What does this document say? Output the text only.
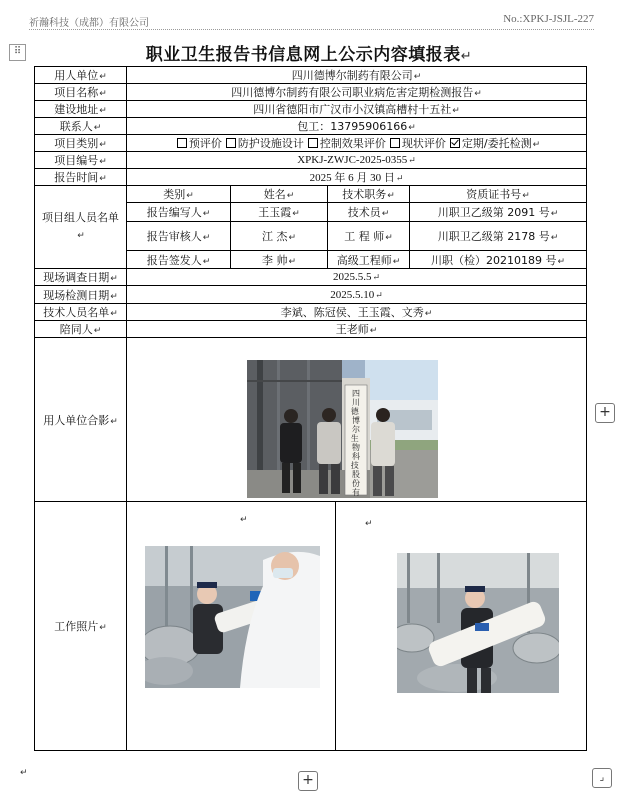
祈瀚科技（成都）有限公司	No.:XPKJ-JSJL-227
⠿	职业卫生报告书信息网上公示内容填报表↵
用人单位↵	四川德博尔制药有限公司↵				
项目名称↵	四川德博尔制药有限公司职业病危害定期检测报告↵				
建设地址↵	四川省德阳市广汉市小汉镇高槽村十五社↵				
联系人↵	包工：13795906166↵				
项目类别↵	预评价 防护设施设计 控制效果评价 现状评价 定期/委托检测↵				
项目编号↵	XPKJ-ZWJC-2025-0355↵				
报告时间↵	2025 年 6 月 30 日↵				
项目组人员名单↵	类别↵	姓名↵	技术职务↵		资质证书号↵
	报告编写人↵	王玉霞↵	技术员↵		川职卫乙级第 2091 号↵
	报告审核人↵	江 杰↵	工 程 师↵		川职卫乙级第 2178 号↵
	报告签发人↵	李 帅↵	高级工程师↵		川职（检）20210189 号↵
现场调查日期↵	2025.5.5↵				
现场检测日期↵	2025.5.10↵				
技术人员名单↵	李斌、陈冠侯、王玉霞、文秀↵				
陪同人↵	王老师↵				
用人单位合影↵					
工作照片↵					
四川德 博尔生 物科技 股份有
↵	↵
↵
+
+	⌟
